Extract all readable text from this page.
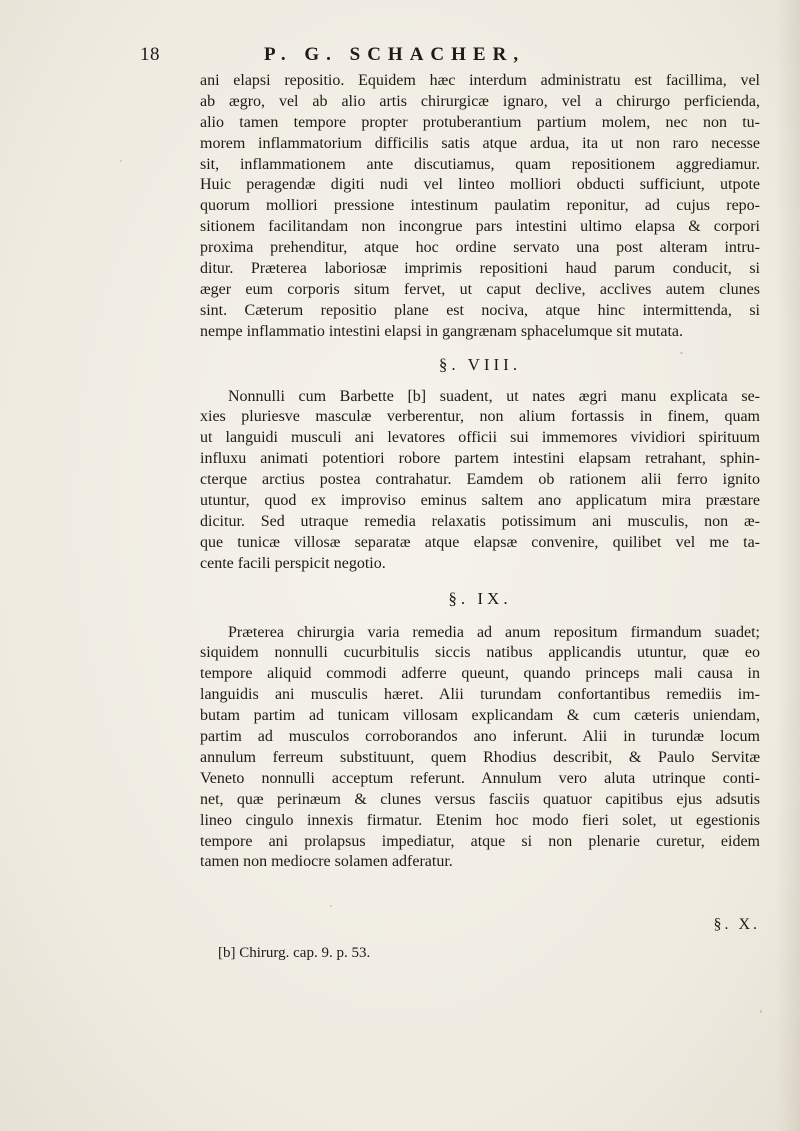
18	P. G. SCHACHER,
ani elapsi repositio. Equidem hæc interdum administratu est facillima, vel
ab ægro, vel ab alio artis chirurgicæ ignaro, vel a chirurgo perficienda,
alio tamen tempore propter protuberantium partium molem, nec non tu-
morem inflammatorium difficilis satis atque ardua, ita ut non raro necesse
sit, inflammationem ante discutiamus, quam repositionem aggrediamur.
Huic peragendæ digiti nudi vel linteo molliori obducti sufficiunt, utpote
quorum molliori pressione intestinum paulatim reponitur, ad cujus repo-
sitionem facilitandam non incongrue pars intestini ultimo elapsa & corpori
proxima prehenditur, atque hoc ordine servato una post alteram intru-
ditur. Præterea laboriosæ imprimis repositioni haud parum conducit, si
æger eum corporis situm fervet, ut caput declive, acclives autem clunes
sint. Cæterum repositio plane est nociva, atque hinc intermittenda, si
nempe inflammatio intestini elapsi in gangrænam sphacelumque sit mutata.
§. VIII.
Nonnulli cum Barbette [b] suadent, ut nates ægri manu explicata se-
xies pluriesve masculæ verberentur, non alium fortassis in finem, quam
ut languidi musculi ani levatores officii sui immemores vividiori spirituum
influxu animati potentiori robore partem intestini elapsam retrahant, sphin-
cterque arctius postea contrahatur. Eamdem ob rationem alii ferro ignito
utuntur, quod ex improviso eminus saltem ano applicatum mira præstare
dicitur. Sed utraque remedia relaxatis potissimum ani musculis, non æ-
que tunicæ villosæ separatæ atque elapsæ convenire, quilibet vel me ta-
cente facili perspicit negotio.
§. IX.
Præterea chirurgia varia remedia ad anum repositum firmandum suadet;
siquidem nonnulli cucurbitulis siccis natibus applicandis utuntur, quæ eo
tempore aliquid commodi adferre queunt, quando princeps mali causa in
languidis ani musculis hæret. Alii turundam confortantibus remediis im-
butam partim ad tunicam villosam explicandam & cum cæteris uniendam,
partim ad musculos corroborandos ano inferunt. Alii in turundæ locum
annulum ferreum substituunt, quem Rhodius describit, & Paulo Servitæ
Veneto nonnulli acceptum referunt. Annulum vero aluta utrinque conti-
net, quæ perinæum & clunes versus fasciis quatuor capitibus ejus adsutis
lineo cingulo innexis firmatur. Etenim hoc modo fieri solet, ut egestionis
tempore ani prolapsus impediatur, atque si non plenarie curetur, eidem
tamen non mediocre solamen adferatur.
§. X.
[b] Chirurg. cap. 9. p. 53.
